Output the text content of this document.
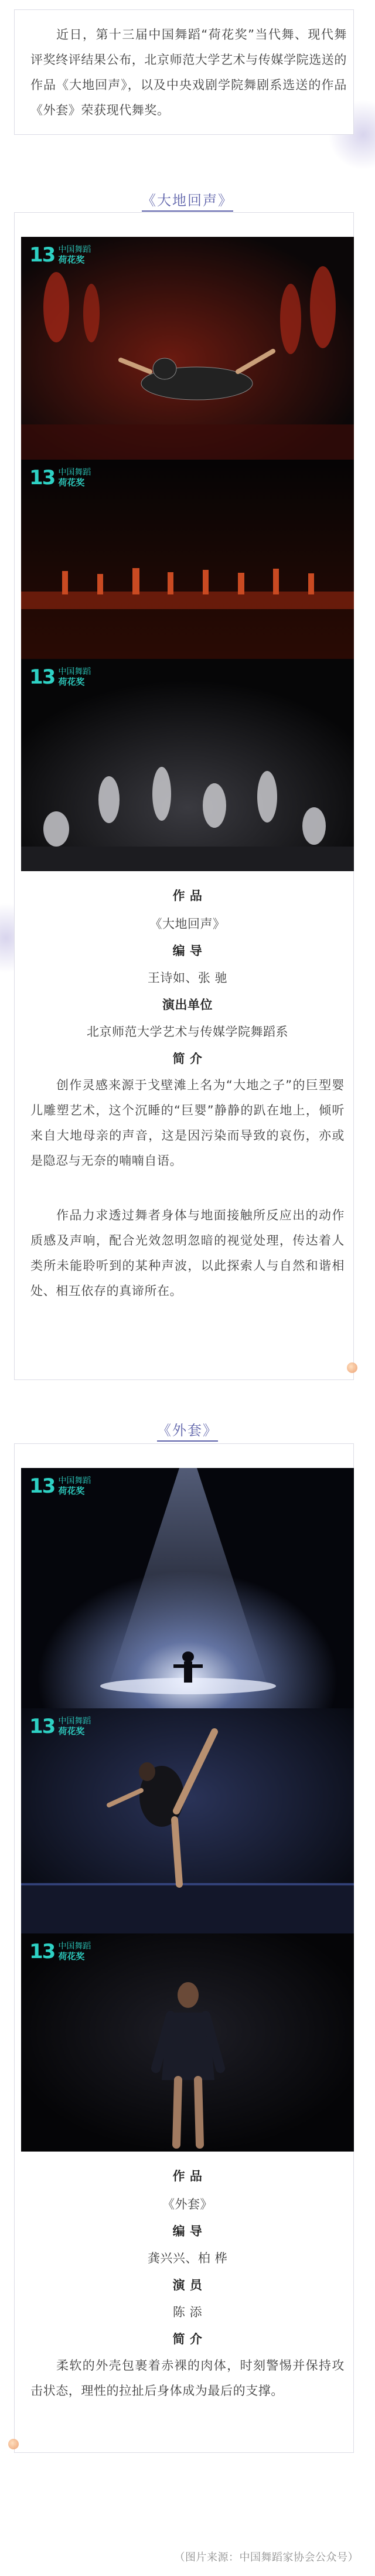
近日，第十三届中国舞蹈“荷花奖”当代舞、现代舞评奖终评结果公布，北京师范大学艺术与传媒学院选送的作品《大地回声》，以及中央戏剧学院舞剧系选送的作品《外套》荣获现代舞奖。
《大地回声》
13 中国舞蹈
荷花奖
13 中国舞蹈
荷花奖
13 中国舞蹈
荷花奖
作 品
《大地回声》
编 导
王诗如、张 驰
演出单位
北京师范大学艺术与传媒学院舞蹈系
简 介
创作灵感来源于戈壁滩上名为“大地之子”的巨型婴儿雕塑艺术，这个沉睡的“巨婴”静静的趴在地上，倾听来自大地母亲的声音，这是因污染而导致的哀伤，亦或是隐忍与无奈的喃喃自语。
作品力求透过舞者身体与地面接触所反应出的动作质感及声响，配合光效忽明忽暗的视觉处理，传达着人类所未能聆听到的某种声波，以此探索人与自然和谐相处、相互依存的真谛所在。
《外套》
13 中国舞蹈
荷花奖
13 中国舞蹈
荷花奖
13 中国舞蹈
荷花奖
作 品
《外套》
编 导
龚兴兴、柏 桦
演 员
陈 添
简 介
柔软的外壳包裹着赤裸的肉体，时刻警惕并保持攻击状态，理性的拉扯后身体成为最后的支撑。
（图片来源：中国舞蹈家协会公众号）
